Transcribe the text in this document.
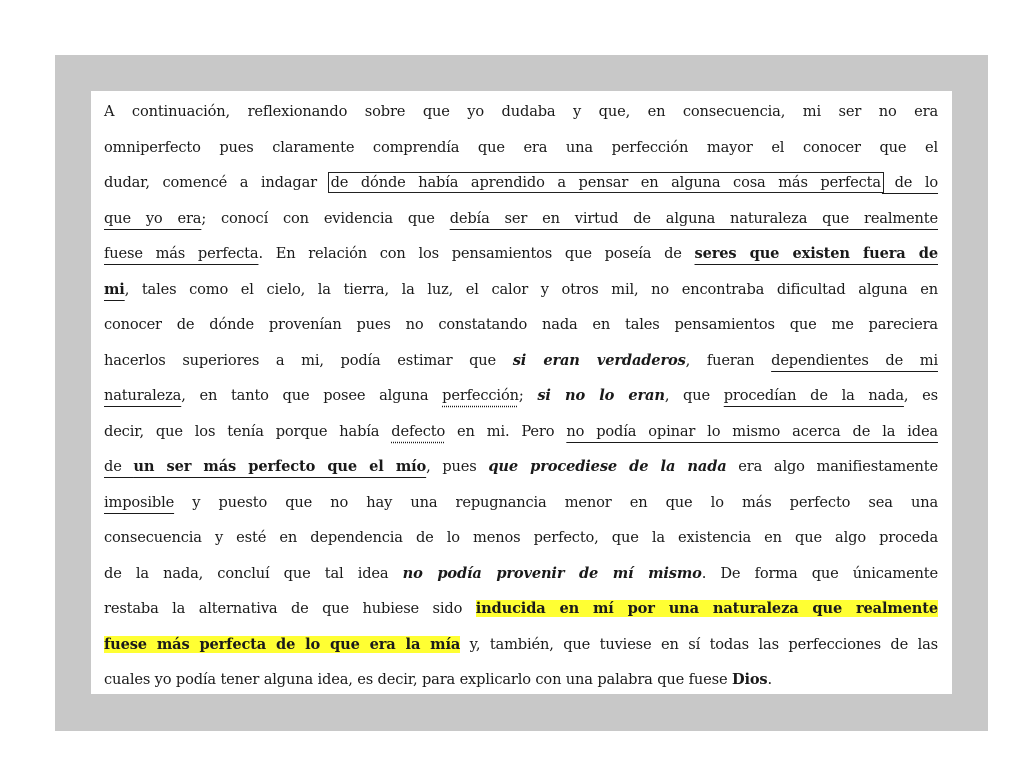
A continuación, reflexionando sobre que yo dudaba y que, en consecuencia, mi ser no era
omniperfecto pues claramente comprendía que era una perfección mayor el conocer que el
dudar, comencé a indagar de dónde había aprendido a pensar en alguna cosa más perfecta de lo
que yo era; conocí con evidencia que debía ser en virtud de alguna naturaleza que realmente
fuese más perfecta. En relación con los pensamientos que poseía de seres que existen fuera de
mi, tales como el cielo, la tierra, la luz, el calor y otros mil, no encontraba dificultad alguna en
conocer de dónde provenían pues no constatando nada en tales pensamientos que me pareciera
hacerlos superiores a mi, podía estimar que si eran verdaderos, fueran dependientes de mi
naturaleza, en tanto que posee alguna perfección; si no lo eran, que procedían de la nada, es
decir, que los tenía porque había defecto en mi. Pero no podía opinar lo mismo acerca de la idea
de un ser más perfecto que el mío, pues que procediese de la nada era algo manifiestamente
imposible y puesto que no hay una repugnancia menor en que lo más perfecto sea una
consecuencia y esté en dependencia de lo menos perfecto, que la existencia en que algo proceda
de la nada, concluí que tal idea no podía provenir de mí mismo. De forma que únicamente
restaba la alternativa de que hubiese sido inducida en mí por una naturaleza que realmente
fuese más perfecta de lo que era la mía y, también, que tuviese en sí todas las perfecciones de las
cuales yo podía tener alguna idea, es decir, para explicarlo con una palabra que fuese Dios.
